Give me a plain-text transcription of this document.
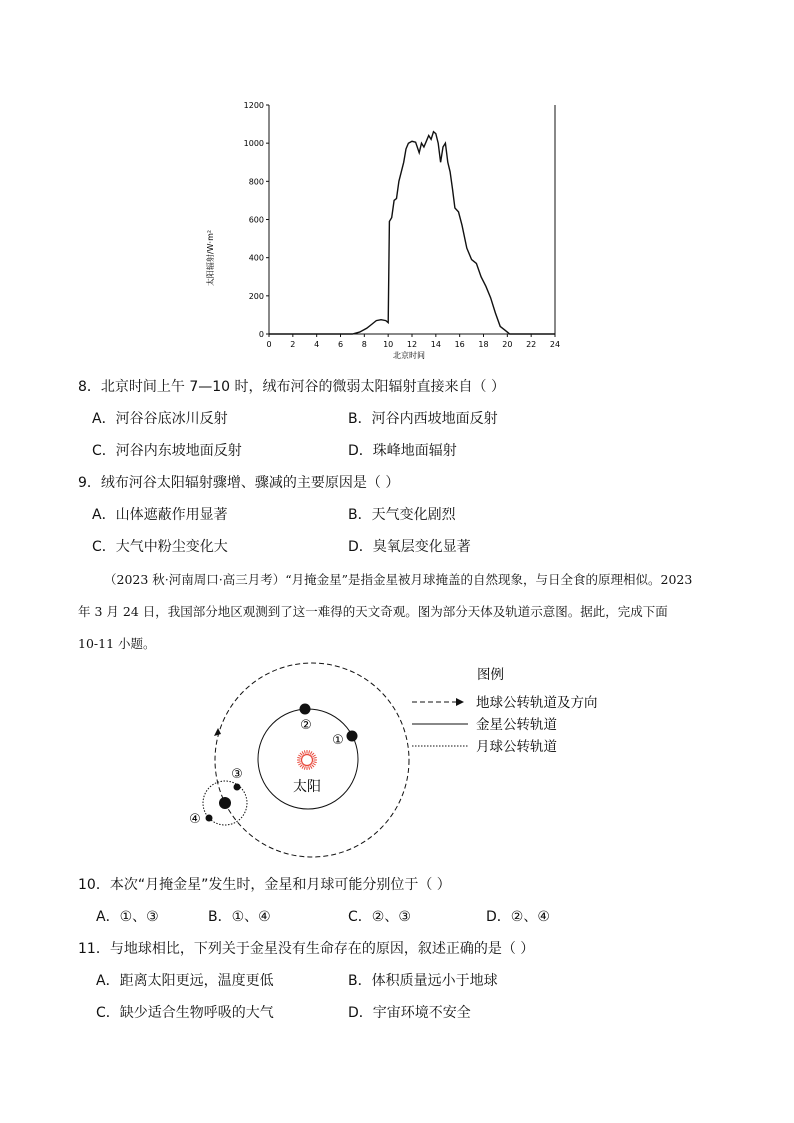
0 2 4 6 8 10 12 14 16 18 20 22 24
0
200
400
600
800
1000
1200
北京时间
太阳辐射/W·m²
8．北京时间上午 7—10 时，绒布河谷的微弱太阳辐射直接来自（ ）
A．河谷谷底冰川反射	B．河谷内西坡地面反射
C．河谷内东坡地面反射	D．珠峰地面辐射
9．绒布河谷太阳辐射骤增、骤减的主要原因是（ ）
A．山体遮蔽作用显著	B．天气变化剧烈
C．大气中粉尘变化大	D．臭氧层变化显著
（2023 秋·河南周口·高三月考）“月掩金星”是指金星被月球掩盖的自然现象，与日全食的原理相似。2023
年 3 月 24 日，我国部分地区观测到了这一难得的天文奇观。图为部分天体及轨道示意图。据此，完成下面
10-11 小题。
太阳
①
②
③
④
图例
地球公转轨道及方向
金星公转轨道
月球公转轨道
10．本次“月掩金星”发生时，金星和月球可能分别位于（ ）
A．①、③	B．①、④	C．②、③	D．②、④
11．与地球相比，下列关于金星没有生命存在的原因，叙述正确的是（ ）
A．距离太阳更远，温度更低	B．体积质量远小于地球
C．缺少适合生物呼吸的大气	D．宇宙环境不安全
